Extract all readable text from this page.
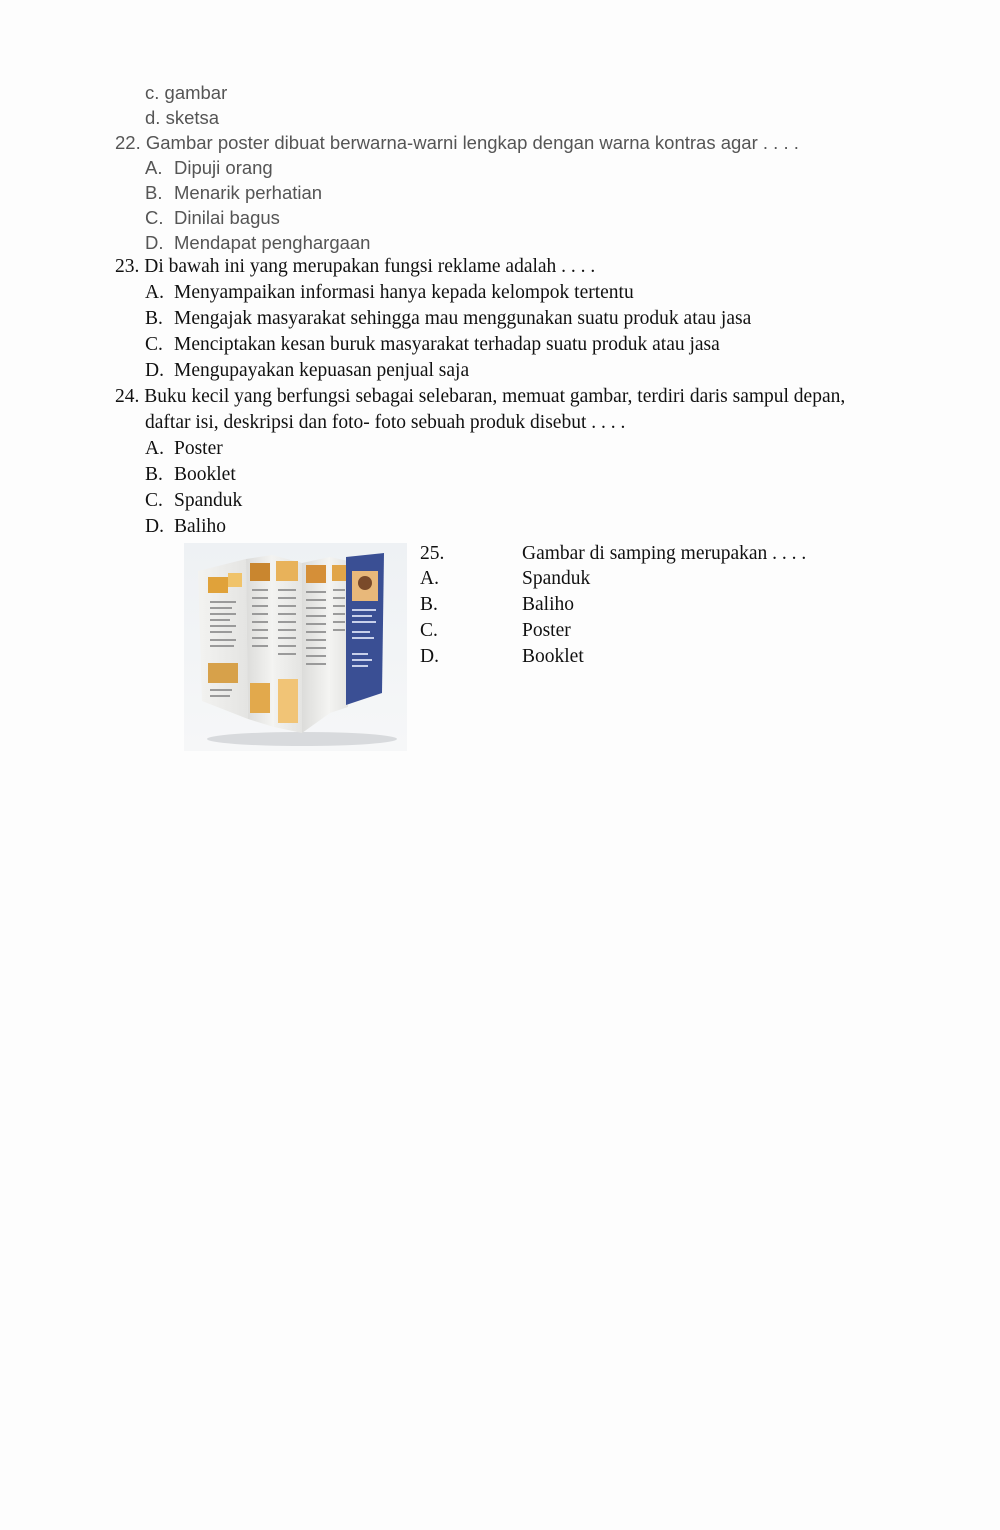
c. gambar
d. sketsa
22. Gambar poster dibuat berwarna-warni lengkap dengan warna kontras agar . . . .
A. Dipuji orang
B. Menarik perhatian
C. Dinilai bagus
D. Mendapat penghargaan
23. Di bawah ini yang merupakan fungsi reklame adalah . . . .
A. Menyampaikan informasi hanya kepada kelompok tertentu
B. Mengajak masyarakat sehingga mau menggunakan suatu produk atau jasa
C. Menciptakan kesan buruk masyarakat terhadap suatu produk atau jasa
D. Mengupayakan kepuasan penjual saja
24. Buku kecil yang berfungsi sebagai selebaran, memuat gambar, terdiri daris sampul depan,
daftar isi, deskripsi dan foto- foto sebuah produk disebut . . . .
A. Poster
B. Booklet
C. Spanduk
D. Baliho
25.	Gambar di samping merupakan . . . .
A.	Spanduk
B.	Baliho
C.	Poster
D.	Booklet
